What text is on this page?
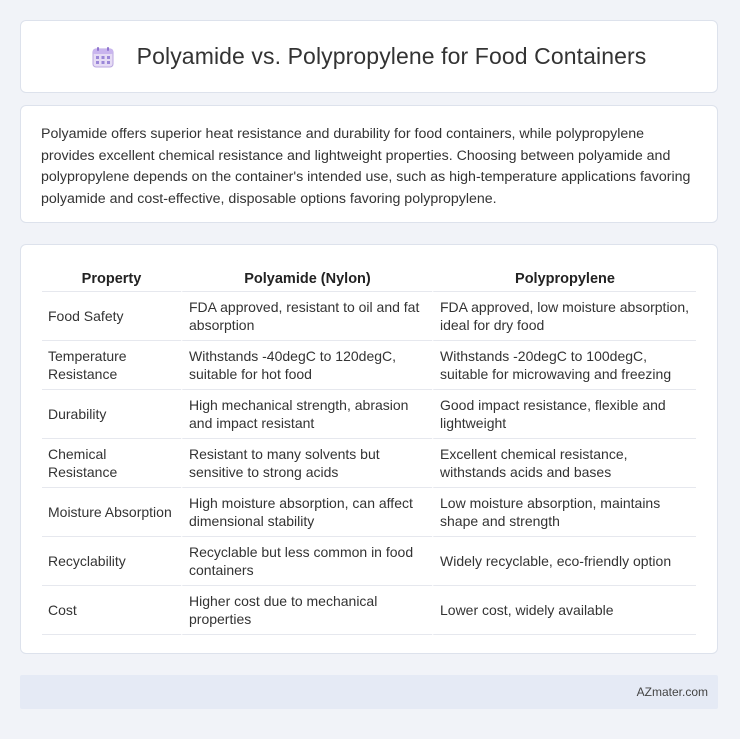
Polyamide vs. Polypropylene for Food Containers

Polyamide offers superior heat resistance and durability for food containers, while polypropylene provides excellent chemical resistance and lightweight properties. Choosing between polyamide and polypropylene depends on the container's intended use, such as high-temperature applications favoring polyamide and cost-effective, disposable options favoring polypropylene.

Property	Polyamide (Nylon)	Polypropylene
Food Safety	FDA approved, resistant to oil and fat absorption	FDA approved, low moisture absorption, ideal for dry food
Temperature Resistance	Withstands -40degC to 120degC, suitable for hot food	Withstands -20degC to 100degC, suitable for microwaving and freezing
Durability	High mechanical strength, abrasion and impact resistant	Good impact resistance, flexible and lightweight
Chemical Resistance	Resistant to many solvents but sensitive to strong acids	Excellent chemical resistance, withstands acids and bases
Moisture Absorption	High moisture absorption, can affect dimensional stability	Low moisture absorption, maintains shape and strength
Recyclability	Recyclable but less common in food containers	Widely recyclable, eco-friendly option
Cost	Higher cost due to mechanical properties	Lower cost, widely available
AZmater.com
